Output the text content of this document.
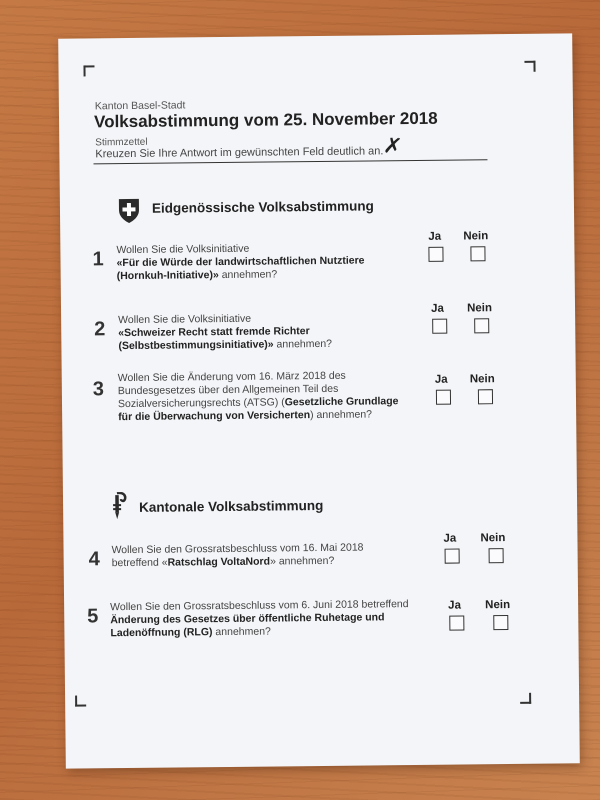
Kanton Basel-Stadt
Volksabstimmung vom 25. November 2018
Stimmzettel
Kreuzen Sie Ihre Antwort im gewünschten Feld deutlich an.
✗
Eidgenössische Volksabstimmung
1 Wollen Sie die Volksinitiative
«Für die Würde der landwirtschaftlichen Nutztiere (Hornkuh-Initiative)» annehmen?
Ja Nein
2 Wollen Sie die Volksinitiative
«Schweizer Recht statt fremde Richter (Selbstbestimmungsinitiative)» annehmen?
Ja Nein
3
Wollen Sie die Änderung vom 16. März 2018 des Bundesgesetzes über den Allgemeinen Teil des Sozialversicherungsrechts (ATSG) (Gesetzliche Grundlage für die Überwachung von Versicherten) annehmen?
Ja Nein
Kantonale Volksabstimmung
4 Wollen Sie den Grossratsbeschluss vom 16. Mai 2018 betreffend «Ratschlag VoltaNord» annehmen?
Ja Nein
5 Wollen Sie den Grossratsbeschluss vom 6. Juni 2018 betreffend Änderung des Gesetzes über öffentliche Ruhetage und Ladenöffnung (RLG) annehmen?
Ja Nein
